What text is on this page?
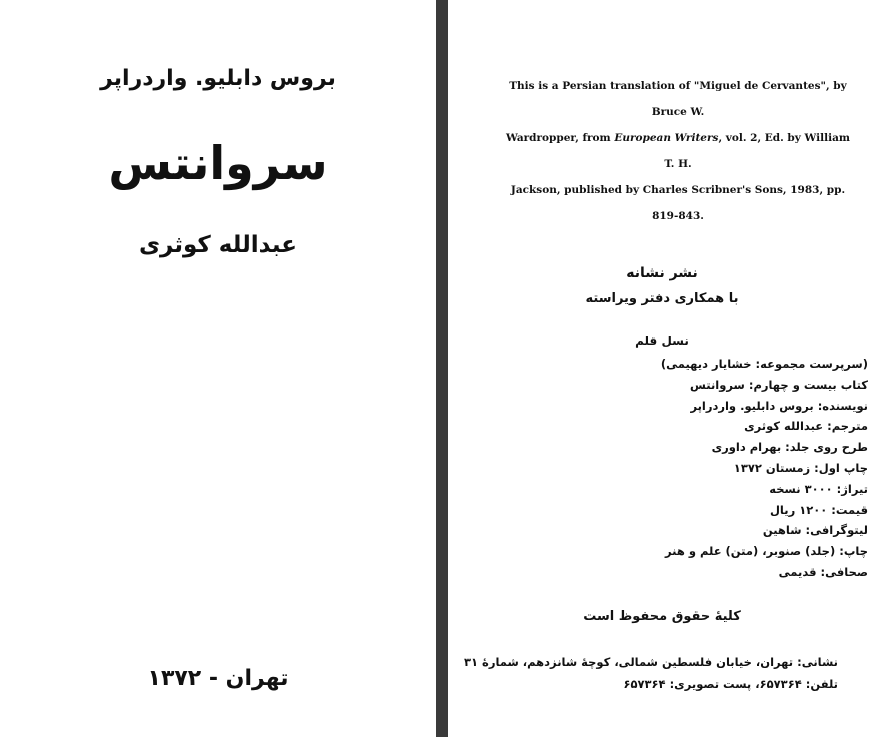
بروس دابلیو. واردراپر
سروانتس
عبدالله کوثری
تهران - ۱۳۷۲
This is a Persian translation of "Miguel de Cervantes", by Bruce W.
Wardropper, from European Writers, vol. 2, Ed. by William T. H.
Jackson, published by Charles Scribner's Sons, 1983, pp. 819-843.
نشر نشانه
با همکاری دفتر ویراسته
نسل قلم
(سرپرست مجموعه: خشایار دیهیمی)
کتاب بیست و چهارم: سروانتس
نویسنده: بروس دابلیو. واردراپر
مترجم: عبدالله کوثری
طرح روی جلد: بهرام داوری
چاپ اول: زمستان ۱۳۷۲
تیراژ: ۳۰۰۰ نسخه
قیمت: ۱۲۰۰ ریال
لیتوگرافی: شاهین
چاپ: (جلد) صنوبر، (متن) علم و هنر
صحافی: قدیمی
کلیهٔ حقوق محفوظ است
نشانی: تهران، خیابان فلسطین شمالی، کوچهٔ شانزدهم، شمارهٔ ۳۱
تلفن: ۶۵۷۳۶۴، پست تصویری: ۶۵۷۳۶۴
